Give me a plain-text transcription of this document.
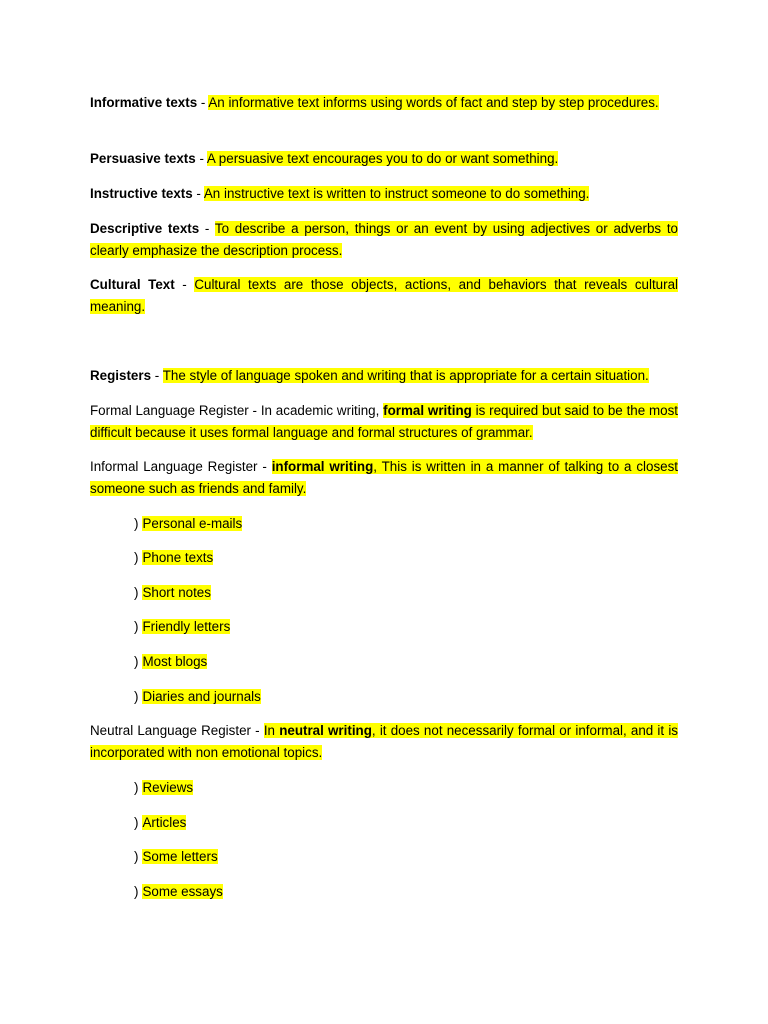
Informative texts - An informative text informs using words of fact and step by step procedures.

Persuasive texts - A persuasive text encourages you to do or want something.

Instructive texts - An instructive text is written to instruct someone to do something.

Descriptive texts - To describe a person, things or an event by using adjectives or adverbs to clearly emphasize the description process.

Cultural Text - Cultural texts are those objects, actions, and behaviors that reveals cultural meaning.

Registers - The style of language spoken and writing that is appropriate for a certain situation.

Formal Language Register - In academic writing, formal writing is required but said to be the most difficult because it uses formal language and formal structures of grammar.

Informal Language Register - informal writing, This is written in a manner of talking to a closest someone such as friends and family.

) Personal e-mails
) Phone texts
) Short notes
) Friendly letters
) Most blogs
) Diaries and journals

Neutral Language Register - In neutral writing, it does not necessarily formal or informal, and it is incorporated with non emotional topics.

) Reviews
) Articles
) Some letters
) Some essays
